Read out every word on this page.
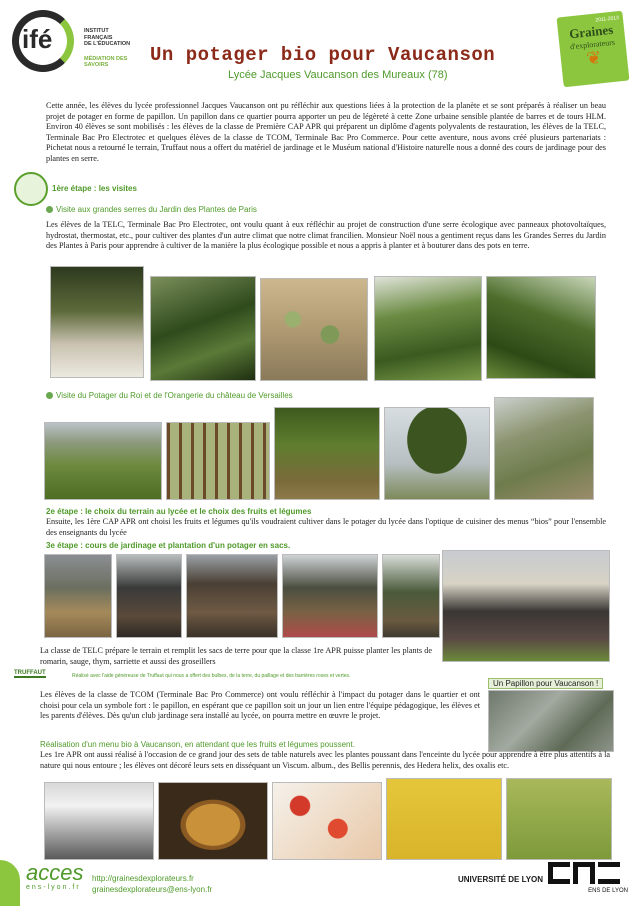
ifé	INSTITUT
FRANÇAIS
DE L'ÉDUCATION
MÉDIATION DES SAVOIRS	Un potager bio pour Vaucanson
Lycée Jacques Vaucanson des Mureaux (78)
2011-2013
Graines
d'explorateurs
❦
Cette année, les élèves du lycée professionnel Jacques Vaucanson ont pu réfléchir aux questions liées à la protection de la planète et se sont préparés à réaliser un beau projet de potager en forme de papillon. Un papillon dans ce quartier pourra apporter un peu de légèreté à cette Zone urbaine sensible plantée de barres et de tours HLM. Environ 40 élèves se sont mobilisés : les élèves de la classe de Première CAP APR qui préparent un diplôme d'agents polyvalents de restauration, les élèves de la TELC, Terminale Bac Pro Electrotec et quelques élèves de la classe de TCOM, Terminale Bac Pro Commerce. Pour cette aventure, nous avons créé plusieurs partenariats : Pichetat nous a retourné le terrain, Truffaut nous a offert du matériel de jardinage et le Muséum national d'Histoire naturelle nous a donné des cours de jardinage pour des plantes en serre.
1ère étape : les visites
Visite aux grandes serres du Jardin des Plantes de Paris
Les élèves de la TELC, Terminale Bac Pro Electrotec, ont voulu quant à eux réfléchir au projet de construction d'une serre écologique avec panneaux photovoltaïques, hydrostat, thermostat, etc., pour cultiver des plantes d'un autre climat que notre climat francilien. Monsieur Noël nous a gentiment reçus dans les Grandes Serres du Jardin des Plantes à Paris pour apprendre à cultiver de la manière la plus écologique possible et nous a appris à planter et à bouturer dans des pots en terre.
Visite du Potager du Roi et de l'Orangerie du château de Versailles
2e étape : le choix du terrain au lycée et le choix des fruits et légumes
Ensuite, les 1ère CAP APR ont choisi les fruits et légumes qu'ils voudraient cultiver dans le potager du lycée dans l'optique de cuisiner des menus “bios” pour l'ensemble des enseignants du lycée
3e étape : cours de jardinage et plantation d'un potager en sacs.
La classe de TELC prépare le terrain et remplit les sacs de terre pour que la classe 1re APR puisse planter les plants de romarin, sauge, thym, sarriette et aussi des groseillers
TRUFFAUT	Réalisé avec l'aide généreuse de Truffaut qui nous a offert des bulbes, de la terre, du paillage et des barrières roses et vertes.
Un Papillon pour Vaucanson !
Les élèves de la classe de TCOM (Terminale Bac Pro Commerce) ont voulu réfléchir à l'impact du potager dans le quartier et ont choisi pour cela un symbole fort : le papillon, en espérant que ce papillon soit un jour un lien entre l'équipe pédagogique, les élèves et les parents d'élèves. Dès qu'un club jardinage sera installé au lycée, on pourra mettre en œuvre le projet.
Réalisation d'un menu bio à Vaucanson, en attendant que les fruits et légumes poussent.
Les 1re APR ont aussi réalisé à l'occasion de ce grand jour des sets de table naturels avec les plantes poussant dans l'enceinte du lycée pour apprendre à être plus attentifs à la nature qui nous entoure ; les élèves ont décoré leurs sets en disséquant un Viscum. album., des Bellis perennis, des Hedera helix, des oxalis etc.
acces
ens-lyon.fr
http://grainesdexplorateurs.fr
grainesdexplorateurs@ens-lyon.fr
UNIVERSITÉ DE LYON
ENS DE LYON
